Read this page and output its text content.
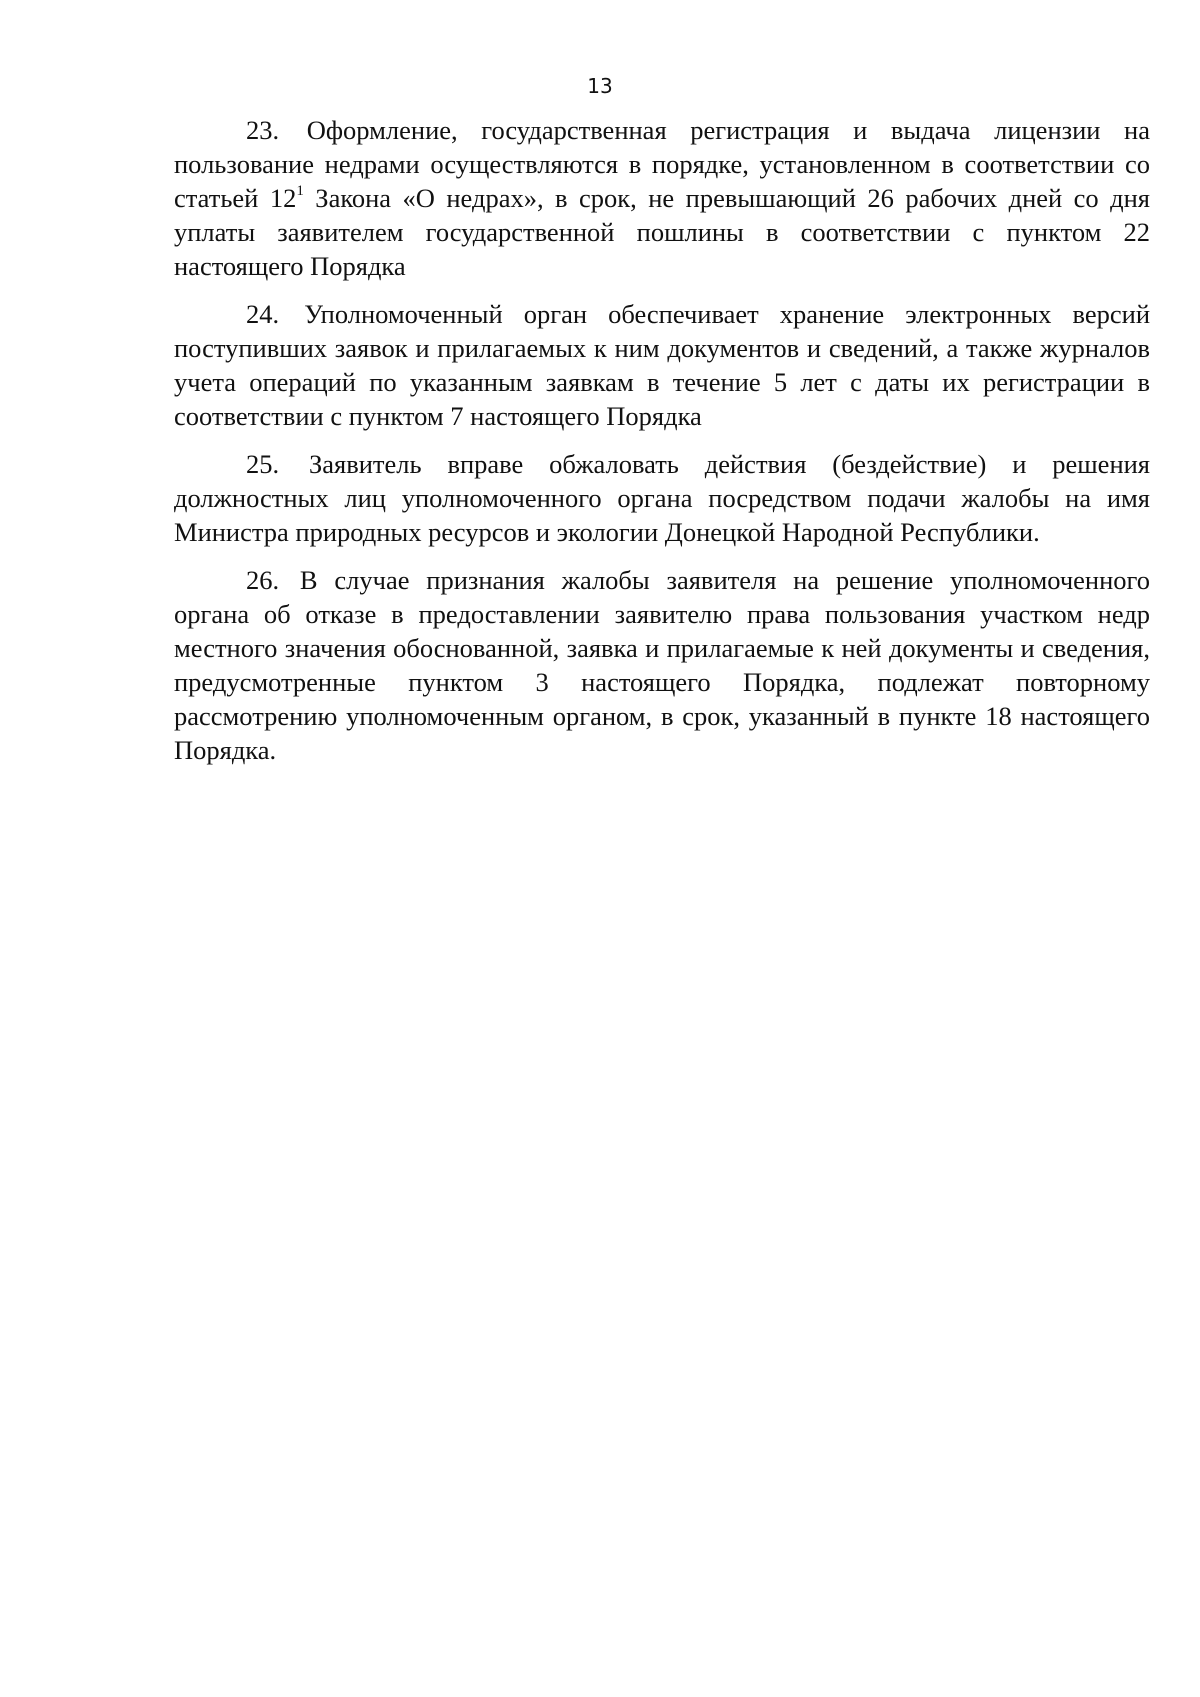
13

23. Оформление, государственная регистрация и выдача лицензии на пользование недрами осуществляются в порядке, установленном в соответствии со статьей $12^1$ Закона «О недрах», в срок, не превышающий 26 рабочих дней со дня уплаты заявителем государственной пошлины в соответствии с пунктом 22 настоящего Порядка

24. Уполномоченный орган обеспечивает хранение электронных версий поступивших заявок и прилагаемых к ним документов и сведений, а также журналов учета операций по указанным заявкам в течение 5 лет с даты их регистрации в соответствии с пунктом 7 настоящего Порядка

25. Заявитель вправе обжаловать действия (бездействие) и решения должностных лиц уполномоченного органа посредством подачи жалобы на имя Министра природных ресурсов и экологии Донецкой Народной Республики.

26. В случае признания жалобы заявителя на решение уполномоченного органа об отказе в предоставлении заявителю права пользования участком недр местного значения обоснованной, заявка и прилагаемые к ней документы и сведения, предусмотренные пунктом 3 настоящего Порядка, подлежат повторному рассмотрению уполномоченным органом, в срок, указанный в пункте 18 настоящего Порядка.
